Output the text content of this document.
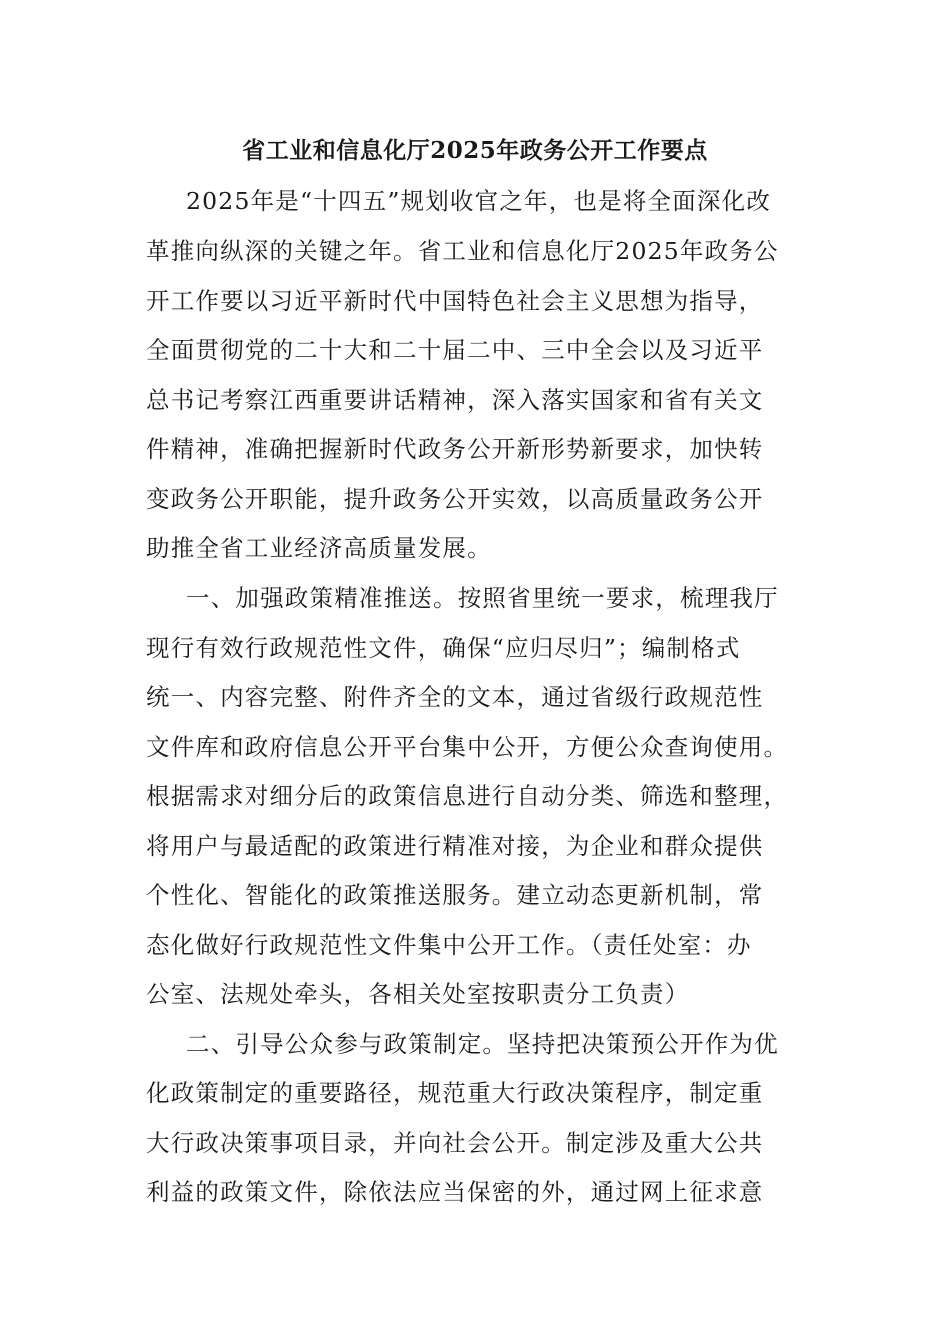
省工业和信息化厅2025年政务公开工作要点
2025年是“十四五”规划收官之年，也是将全面深化改
革推向纵深的关键之年。省工业和信息化厅2025年政务公
开工作要以习近平新时代中国特色社会主义思想为指导，
全面贯彻党的二十大和二十届二中、三中全会以及习近平
总书记考察江西重要讲话精神，深入落实国家和省有关文
件精神，准确把握新时代政务公开新形势新要求，加快转
变政务公开职能，提升政务公开实效，以高质量政务公开
助推全省工业经济高质量发展。
一、加强政策精准推送。按照省里统一要求，梳理我厅
现行有效行政规范性文件，确保“应归尽归”；编制格式
统一、内容完整、附件齐全的文本，通过省级行政规范性
文件库和政府信息公开平台集中公开，方便公众查询使用。
根据需求对细分后的政策信息进行自动分类、筛选和整理，
将用户与最适配的政策进行精准对接，为企业和群众提供
个性化、智能化的政策推送服务。建立动态更新机制，常
态化做好行政规范性文件集中公开工作。（责任处室：办
公室、法规处牵头，各相关处室按职责分工负责）
二、引导公众参与政策制定。坚持把决策预公开作为优
化政策制定的重要路径，规范重大行政决策程序，制定重
大行政决策事项目录，并向社会公开。制定涉及重大公共
利益的政策文件，除依法应当保密的外，通过网上征求意
